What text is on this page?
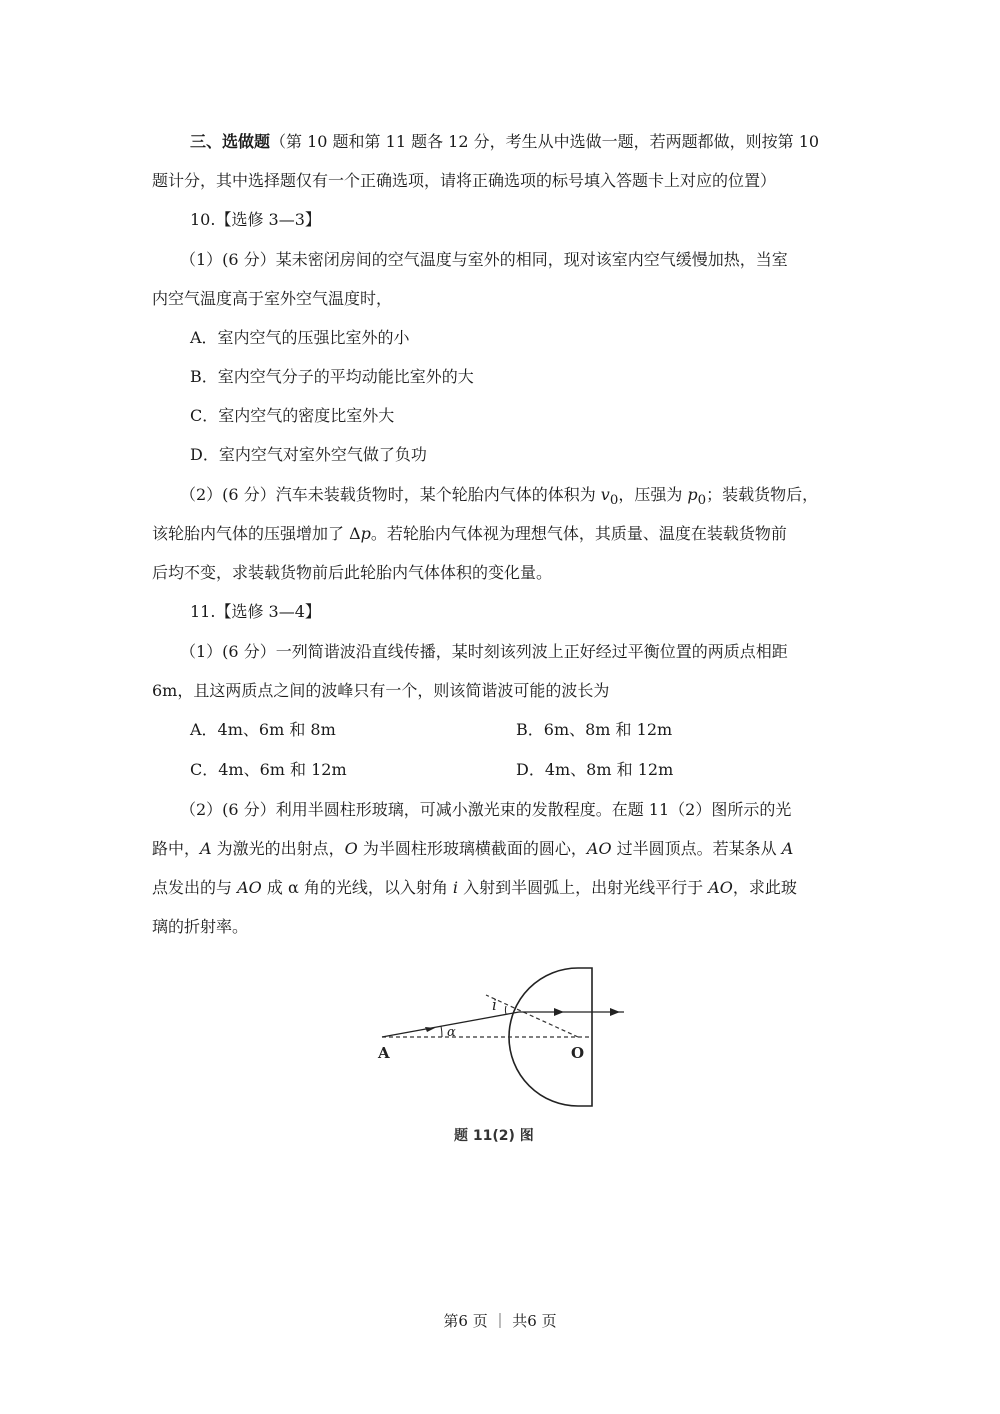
三、选做题（第 10 题和第 11 题各 12 分，考生从中选做一题，若两题都做，则按第 10
题计分，其中选择题仅有一个正确选项，请将正确选项的标号填入答题卡上对应的位置）
10.【选修 3—3】
（1）(6 分）某未密闭房间的空气温度与室外的相同，现对该室内空气缓慢加热，当室
内空气温度高于室外空气温度时，
A．室内空气的压强比室外的小
B．室内空气分子的平均动能比室外的大
C．室内空气的密度比室外大
D．室内空气对室外空气做了负功
（2）(6 分）汽车未装载货物时，某个轮胎内气体的体积为 $v_0$，压强为 $p_0$；装载货物后，
该轮胎内气体的压强增加了 Δp。若轮胎内气体视为理想气体，其质量、温度在装载货物前
后均不变，求装载货物前后此轮胎内气体体积的变化量。
11.【选修 3—4】
（1）(6 分）一列简谐波沿直线传播，某时刻该列波上正好经过平衡位置的两质点相距
6m，且这两质点之间的波峰只有一个，则该简谐波可能的波长为
A．4m、6m 和 8m	B．6m、8m 和 12m
C．4m、6m 和 12m	D．4m、8m 和 12m
（2）(6 分）利用半圆柱形玻璃，可减小激光束的发散程度。在题 11（2）图所示的光
路中，A 为激光的出射点，O 为半圆柱形玻璃横截面的圆心，AO 过半圆顶点。若某条从 A
点发出的与 AO 成 α 角的光线，以入射角 i 入射到半圆弧上，出射光线平行于 AO，求此玻
璃的折射率。
A	O
α
i
题 11(2) 图
第6 页 ｜ 共6 页
